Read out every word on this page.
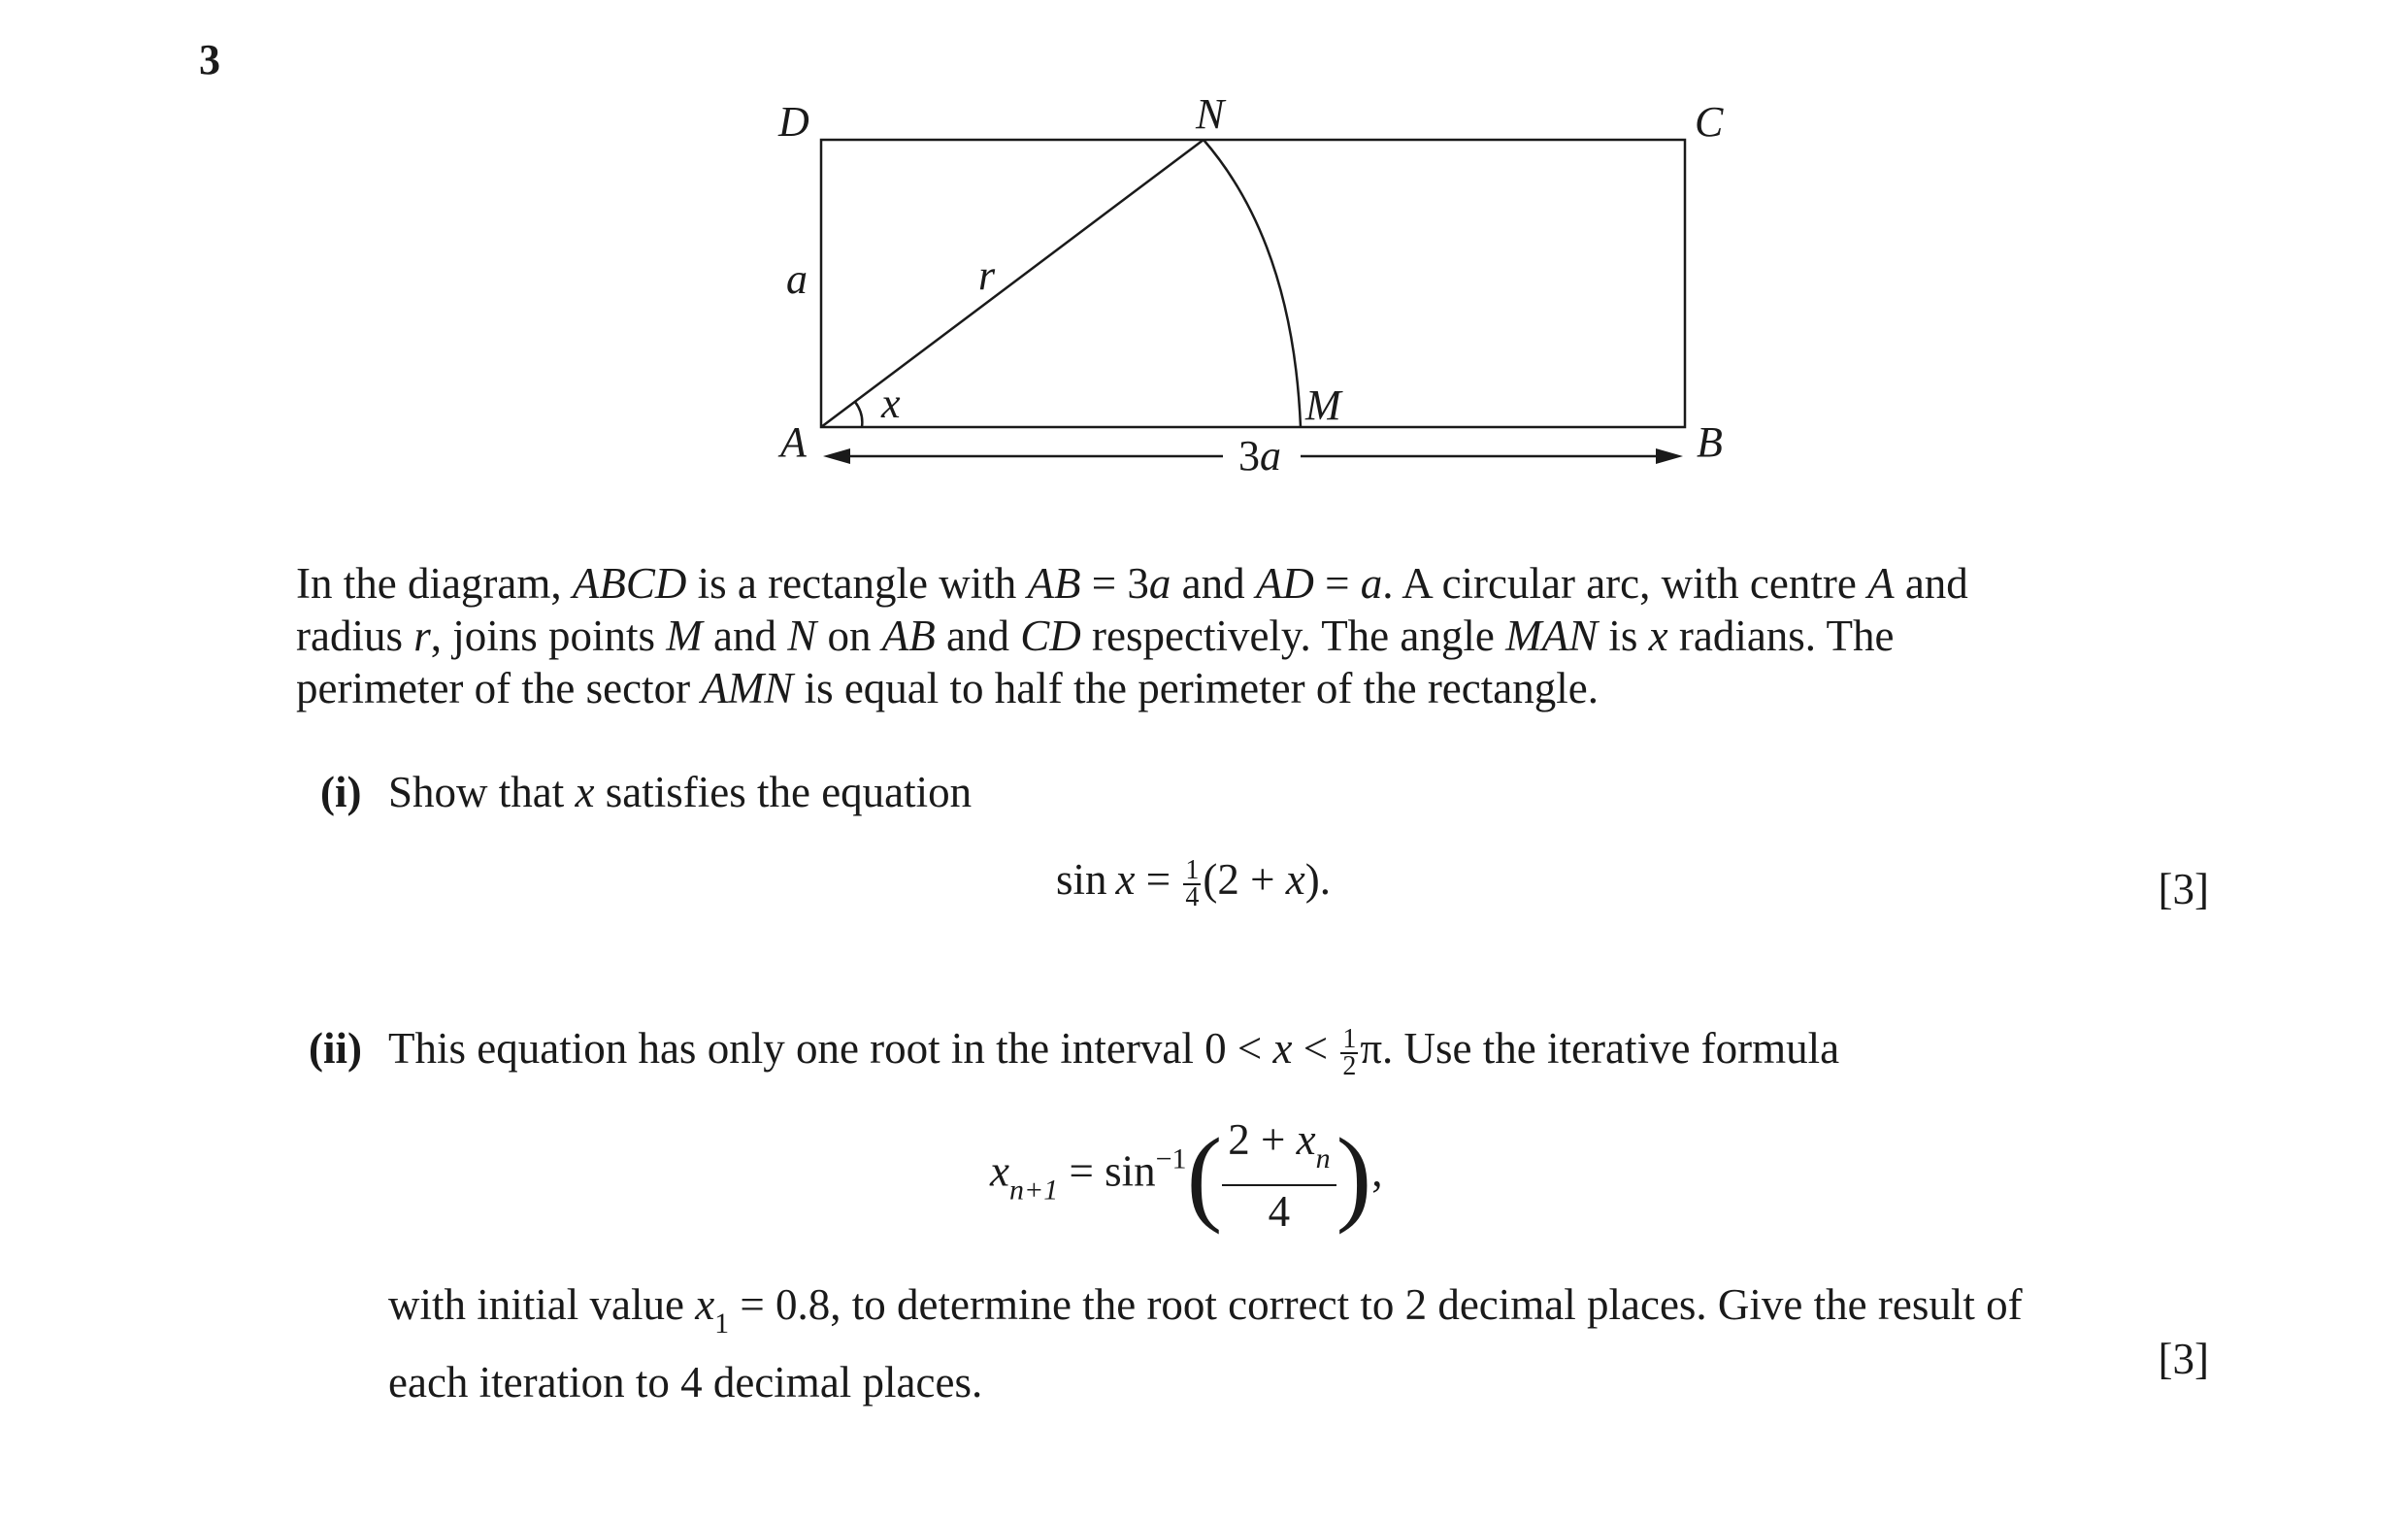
3
D	N	C
a	r
x
A
M
B
3a
In the diagram, ABCD is a rectangle with AB = 3a and AD = a. A circular arc, with centre A and
radius r, joins points M and N on AB and CD respectively. The angle MAN is x radians. The
perimeter of the sector AMN is equal to half the perimeter of the rectangle.
(i) Show that x satisfies the equation
$\sin x = \frac{1}{4} (2 + x)$.	[3]
(ii) This equation has only one root in the interval $0 < x < \frac{1}{2} \pi$. Use the iterative formula
$x_{n+1} = \sin^{-1}( \frac{2 + x_n}{4}$ ),
with initial value $x_1 = 0.8$, to determine the root correct to 2 decimal places. Give the result of
each iteration to 4 decimal places.	[3]
